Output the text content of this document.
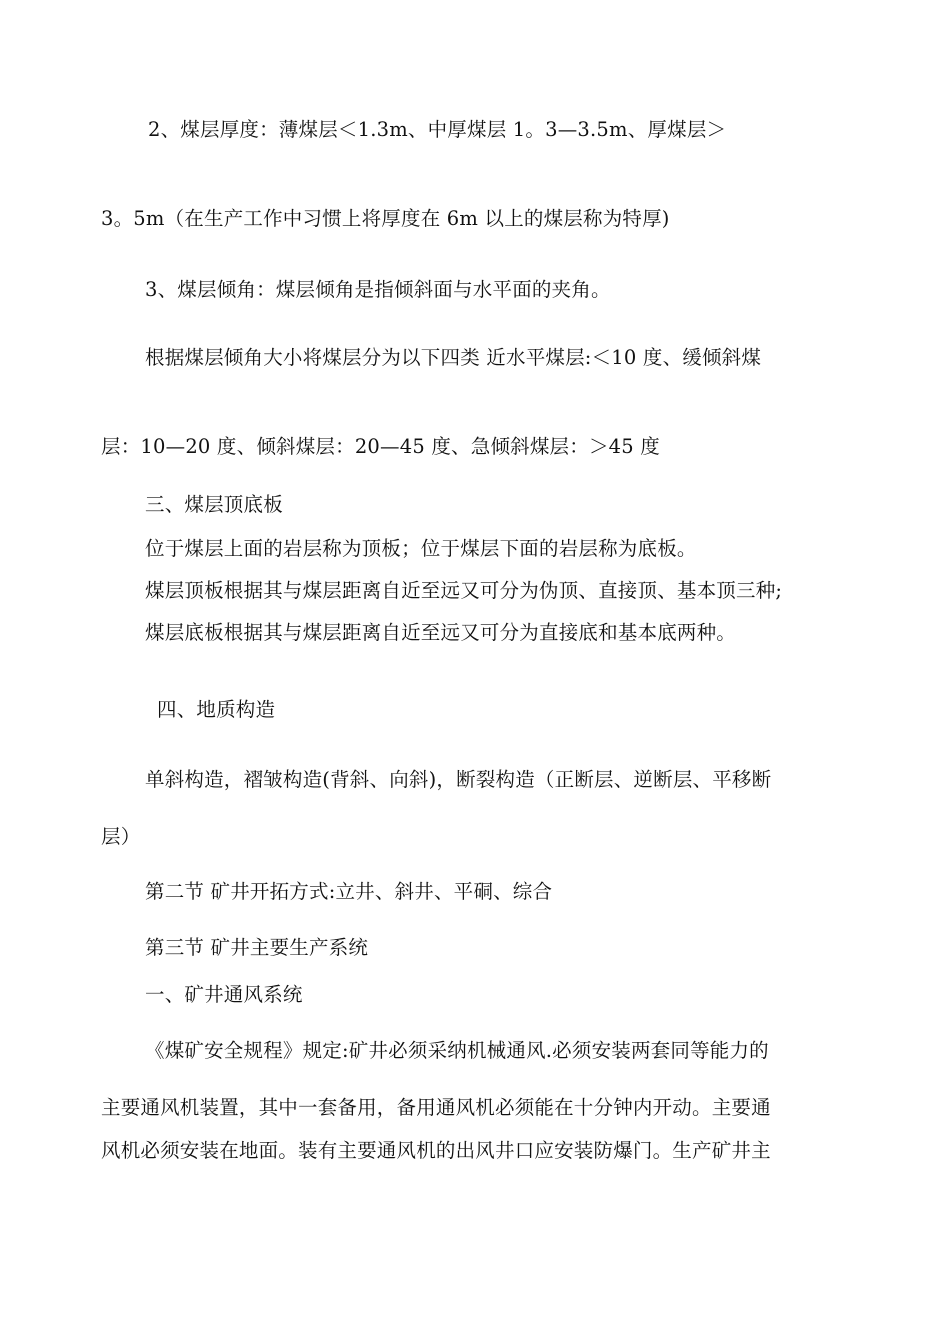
2、煤层厚度：薄煤层＜1.3m、中厚煤层 1。3—3.5m、厚煤层＞
3。5m（在生产工作中习惯上将厚度在 6m 以上的煤层称为特厚)
3、煤层倾角：煤层倾角是指倾斜面与水平面的夹角。
根据煤层倾角大小将煤层分为以下四类 近水平煤层:＜10 度、缓倾斜煤
层：10—20 度、倾斜煤层：20—45 度、急倾斜煤层：＞45 度
三、煤层顶底板
位于煤层上面的岩层称为顶板；位于煤层下面的岩层称为底板。
煤层顶板根据其与煤层距离自近至远又可分为伪顶、直接顶、基本顶三种;
煤层底板根据其与煤层距离自近至远又可分为直接底和基本底两种。
四、地质构造
单斜构造，褶皱构造(背斜、向斜)，断裂构造（正断层、逆断层、平移断
层）
第二节 矿井开拓方式:立井、斜井、平硐、综合
第三节 矿井主要生产系统
一、矿井通风系统
《煤矿安全规程》规定:矿井必须采纳机械通风.必须安装两套同等能力的
主要通风机装置，其中一套备用，备用通风机必须能在十分钟内开动。主要通
风机必须安装在地面。装有主要通风机的出风井口应安装防爆门。生产矿井主
